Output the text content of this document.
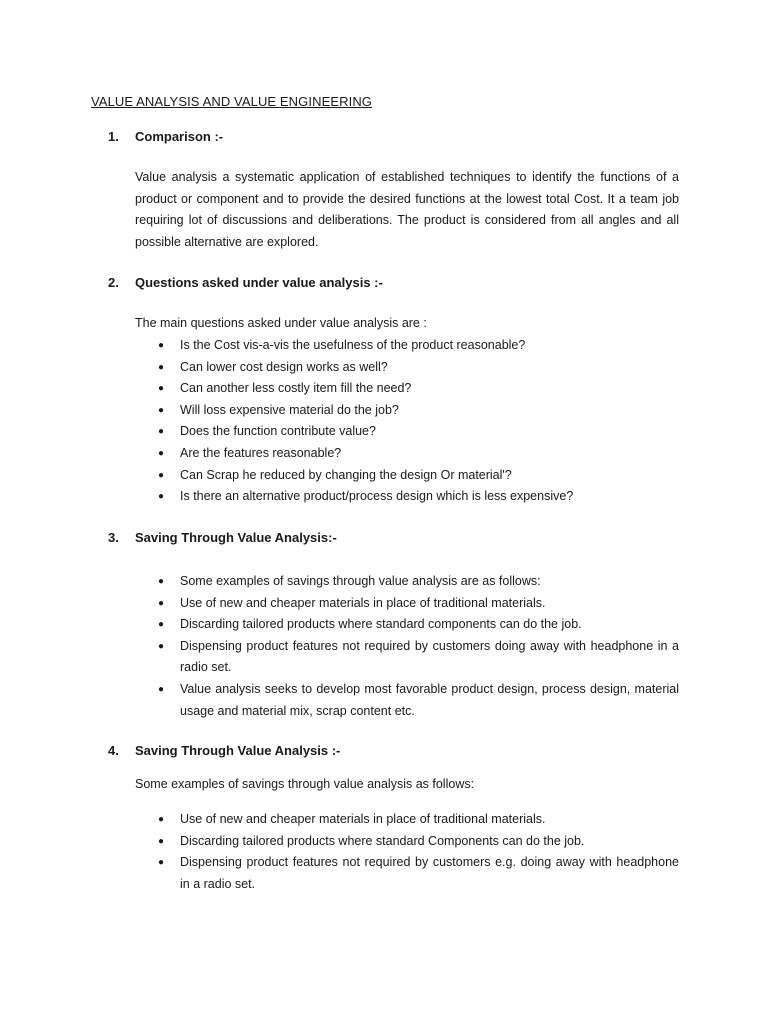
VALUE ANALYSIS AND VALUE ENGINEERING
1. Comparison :-
Value analysis a systematic application of established techniques to identify the functions of a product or component and to provide the desired functions at the lowest total Cost. It a team job requiring lot of discussions and deliberations. The product is considered from all angles and all possible alternative are explored.
2. Questions asked under value analysis :-
The main questions asked under value analysis are :
● Is the Cost vis-a-vis the usefulness of the product reasonable?
● Can lower cost design works as well?
● Can another less costly item fill the need?
● Will loss expensive material do the job?
● Does the function contribute value?
● Are the features reasonable?
● Can Scrap he reduced by changing the design Or material'?
● Is there an alternative product/process design which is less expensive?
3. Saving Through Value Analysis:-
● Some examples of savings through value analysis are as follows:
● Use of new and cheaper materials in place of traditional materials.
● Discarding tailored products where standard components can do the job.
● Dispensing product features not required by customers doing away with headphone in a radio set.
● Value analysis seeks to develop most favorable product design, process design, material usage and material mix, scrap content etc.
4. Saving Through Value Analysis :-
Some examples of savings through value analysis as follows:
● Use of new and cheaper materials in place of traditional materials.
● Discarding tailored products where standard Components can do the job.
● Dispensing product features not required by customers e.g. doing away with headphone in a radio set.
